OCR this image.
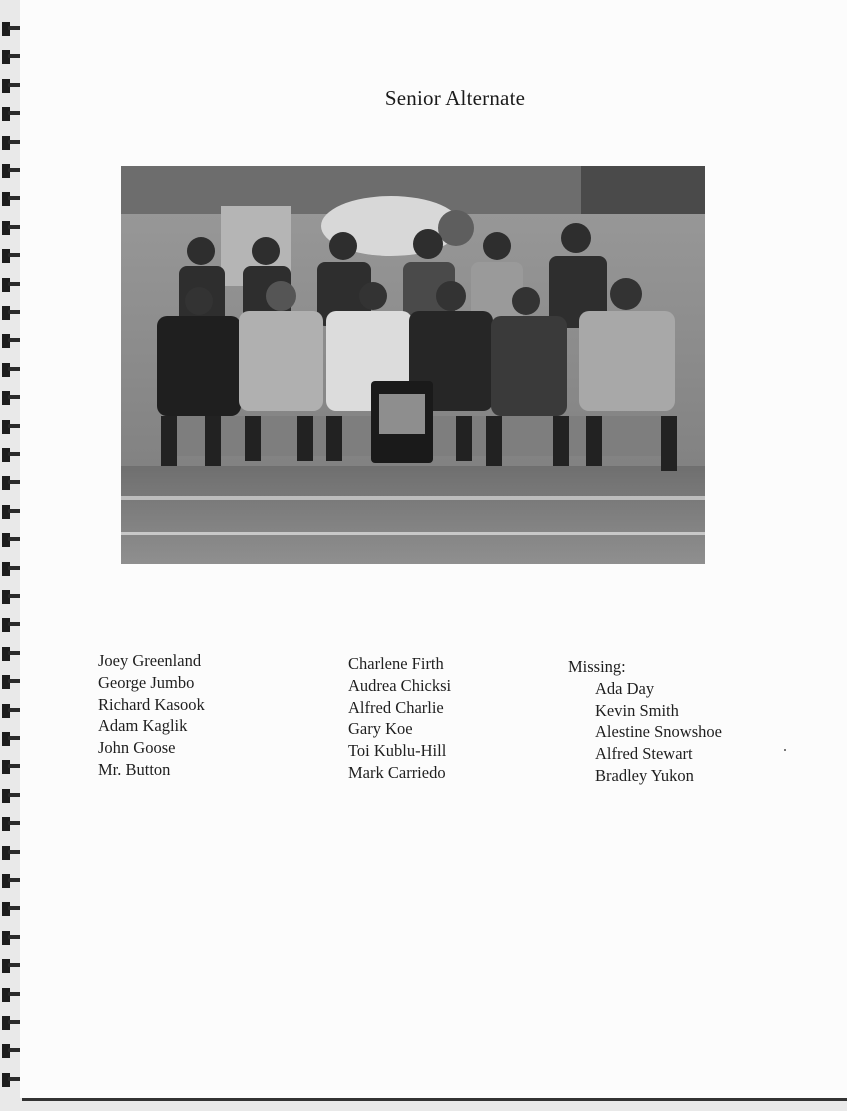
Senior Alternate
Joey Greenland
George Jumbo
Richard Kasook
Adam Kaglik
John Goose
Mr. Button
Charlene Firth
Audrea Chicksi
Alfred Charlie
Gary Koe
Toi Kublu-Hill
Mark Carriedo
Missing:
Ada Day
Kevin Smith
Alestine Snowshoe
Alfred Stewart
Bradley Yukon
